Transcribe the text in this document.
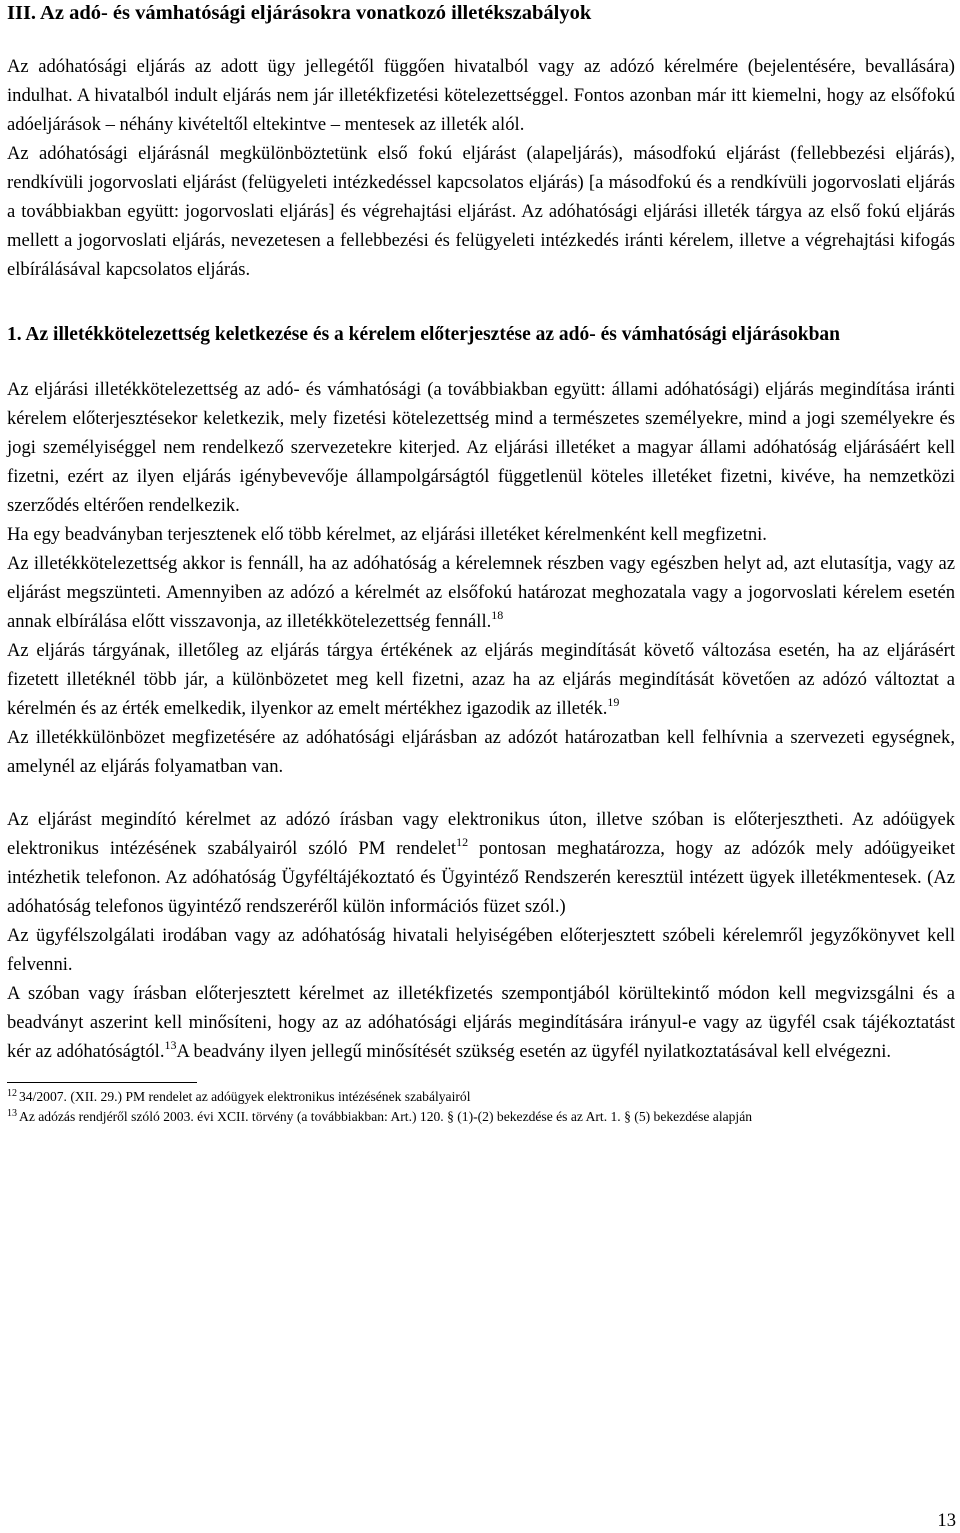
III. Az adó- és vámhatósági eljárásokra vonatkozó illetékszabályok

Az adóhatósági eljárás az adott ügy jellegétől függően hivatalból vagy az adózó kérelmére (bejelentésére, bevallására) indulhat. A hivatalból indult eljárás nem jár illetékfizetési kötelezettséggel. Fontos azonban már itt kiemelni, hogy az elsőfokú adóeljárások – néhány kivételtől eltekintve – mentesek az illeték alól.

Az adóhatósági eljárásnál megkülönböztetünk első fokú eljárást (alapeljárás), másodfokú eljárást (fellebbezési eljárás), rendkívüli jogorvoslati eljárást (felügyeleti intézkedéssel kapcsolatos eljárás) [a másodfokú és a rendkívüli jogorvoslati eljárás a továbbiakban együtt: jogorvoslati eljárás] és végrehajtási eljárást. Az adóhatósági eljárási illeték tárgya az első fokú eljárás mellett a jogorvoslati eljárás, nevezetesen a fellebbezési és felügyeleti intézkedés iránti kérelem, illetve a végrehajtási kifogás elbírálásával kapcsolatos eljárás.

1. Az illetékkötelezettség keletkezése és a kérelem előterjesztése az adó- és vámhatósági eljárásokban

Az eljárási illetékkötelezettség az adó- és vámhatósági (a továbbiakban együtt: állami adóhatósági) eljárás megindítása iránti kérelem előterjesztésekor keletkezik, mely fizetési kötelezettség mind a természetes személyekre, mind a jogi személyekre és jogi személyiséggel nem rendelkező szervezetekre kiterjed. Az eljárási illetéket a magyar állami adóhatóság eljárásáért kell fizetni, ezért az ilyen eljárás igénybevevője állampolgárságtól függetlenül köteles illetéket fizetni, kivéve, ha nemzetközi szerződés eltérően rendelkezik.

Ha egy beadványban terjesztenek elő több kérelmet, az eljárási illetéket kérelmenként kell megfizetni.

Az illetékkötelezettség akkor is fennáll, ha az adóhatóság a kérelemnek részben vagy egészben helyt ad, azt elutasítja, vagy az eljárást megszünteti. Amennyiben az adózó a kérelmét az elsőfokú határozat meghozatala vagy a jogorvoslati kérelem esetén annak elbírálása előtt visszavonja, az illetékkötelezettség fennáll.$^{18}$

Az eljárás tárgyának, illetőleg az eljárás tárgya értékének az eljárás megindítását követő változása esetén, ha az eljárásért fizetett illetéknél több jár, a különbözetet meg kell fizetni, azaz ha az eljárás megindítását követően az adózó változtat a kérelmén és az érték emelkedik, ilyenkor az emelt mértékhez igazodik az illeték.$^{19}$

Az illetékkülönbözet megfizetésére az adóhatósági eljárásban az adózót határozatban kell felhívnia a szervezeti egységnek, amelynél az eljárás folyamatban van.

Az eljárást megindító kérelmet az adózó írásban vagy elektronikus úton, illetve szóban is előterjesztheti. Az adóügyek elektronikus intézésének szabályairól szóló PM rendelet$^{12}$ pontosan meghatározza, hogy az adózók mely adóügyeiket intézhetik telefonon. Az adóhatóság Ügyféltájékoztató és Ügyintéző Rendszerén keresztül intézett ügyek illetékmentesek. (Az adóhatóság telefonos ügyintéző rendszeréről külön információs füzet szól.)

Az ügyfélszolgálati irodában vagy az adóhatóság hivatali helyiségében előterjesztett szóbeli kérelemről jegyzőkönyvet kell felvenni.

A szóban vagy írásban előterjesztett kérelmet az illetékfizetés szempontjából körültekintő módon kell megvizsgálni és a beadványt aszerint kell minősíteni, hogy az az adóhatósági eljárás megindítására irányul-e vagy az ügyfél csak tájékoztatást kér az adóhatóságtól.$^{13}$A beadvány ilyen jellegű minősítését szükség esetén az ügyfél nyilatkoztatásával kell elvégezni.

$^{12}$ 34/2007. (XII. 29.) PM rendelet az adóügyek elektronikus intézésének szabályairól
$^{13}$ Az adózás rendjéről szóló 2003. évi XCII. törvény (a továbbiakban: Art.) 120. § (1)-(2) bekezdése és az Art. 1. § (5) bekezdése alapján
13
